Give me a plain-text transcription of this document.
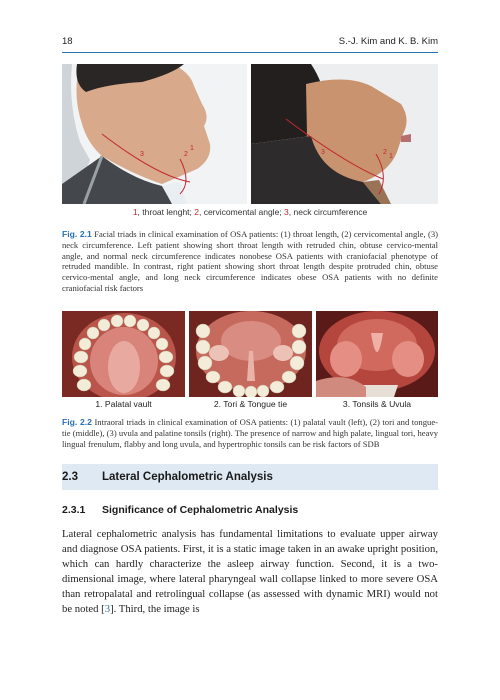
18	S.-J. Kim and K. B. Kim
3
1
2	3	2
1
1, throat lenght; 2, cervicomental angle; 3, neck circumference
Fig. 2.1 Facial triads in clinical examination of OSA patients: (1) throat length, (2) cervicomental angle, (3) neck circumference. Left patient showing short throat length with retruded chin, obtuse cervico-mental angle, and normal neck circumference indicates nonobese OSA patients with craniofacial phenotype of retruded mandible. In contrast, right patient showing short throat length despite protruded chin, obtuse cervico-mental angle, and long neck circumference indicates obese OSA patients with no definite craniofacial risk factors
1. Palatal vault	2. Tori & Tongue tie	3. Tonsils & Uvula
Fig. 2.2 Intraoral triads in clinical examination of OSA patients: (1) palatal vault (left), (2) tori and tongue-tie (middle), (3) uvula and palatine tonsils (right). The presence of narrow and high palate, lingual tori, heavy lingual frenulum, flabby and long uvula, and hypertrophic tonsils can be risk factors of SDB
2.3 Lateral Cephalometric Analysis
2.3.1 Significance of Cephalometric Analysis
Lateral cephalometric analysis has fundamental limitations to evaluate upper airway and diagnose OSA patients. First, it is a static image taken in an awake upright position, which can hardly characterize the asleep airway function. Second, it is a two-dimensional image, where lateral pharyngeal wall collapse linked to more severe OSA than retropalatal and retrolingual collapse (as assessed with dynamic MRI) would not be noted [3]. Third, the image is
